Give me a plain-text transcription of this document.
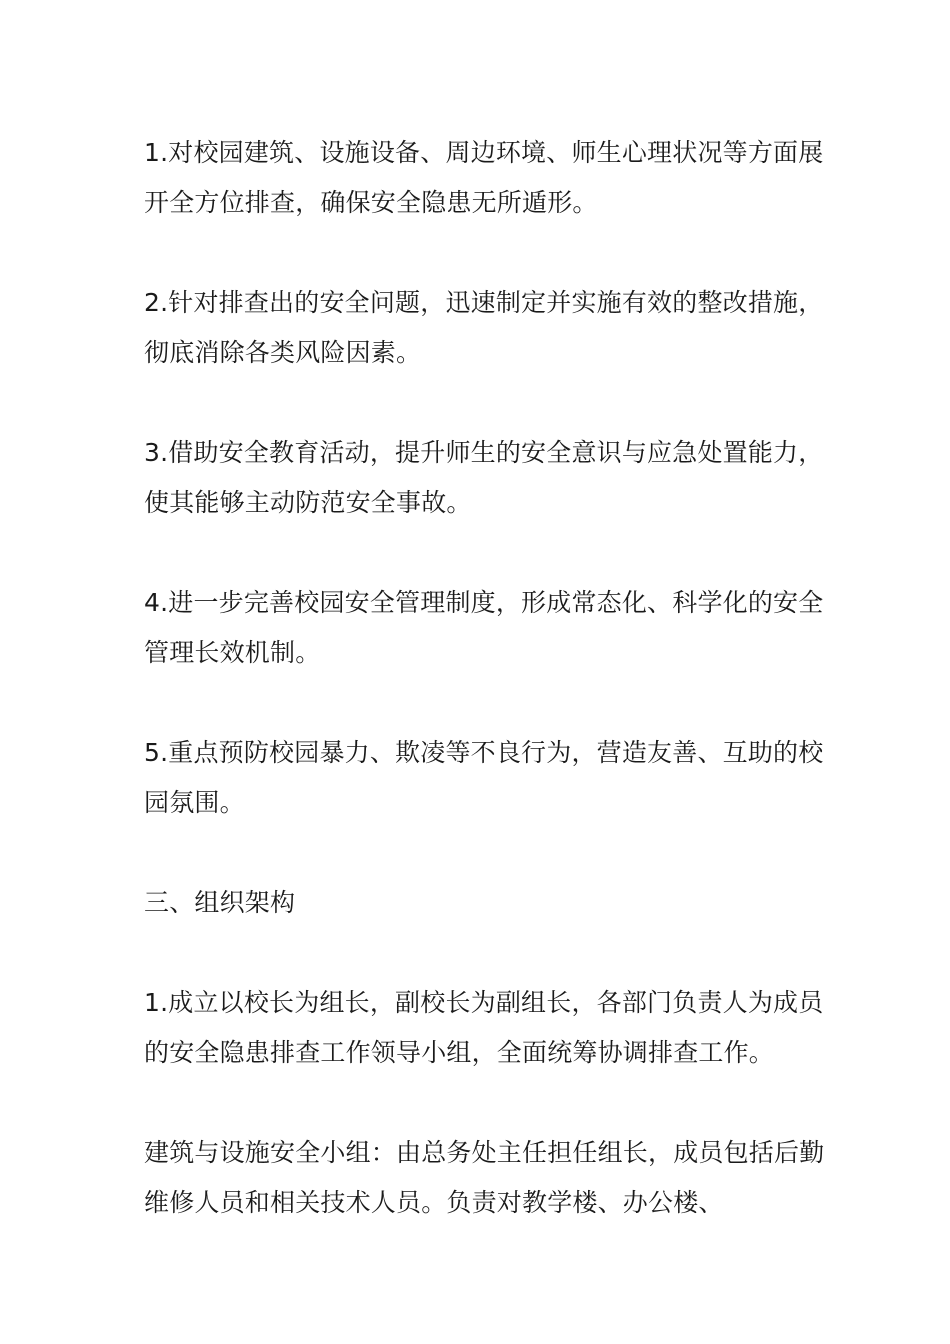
1.对校园建筑、设施设备、周边环境、师生心理状况等方面展开全方位排查，确保安全隐患无所遁形。

2.针对排查出的安全问题，迅速制定并实施有效的整改措施，彻底消除各类风险因素。

3.借助安全教育活动，提升师生的安全意识与应急处置能力，使其能够主动防范安全事故。

4.进一步完善校园安全管理制度，形成常态化、科学化的安全管理长效机制。

5.重点预防校园暴力、欺凌等不良行为，营造友善、互助的校园氛围。

三、组织架构

1.成立以校长为组长，副校长为副组长，各部门负责人为成员的安全隐患排查工作领导小组，全面统筹协调排查工作。

建筑与设施安全小组：由总务处主任担任组长，成员包括后勤维修人员和相关技术人员。负责对教学楼、办公楼、
